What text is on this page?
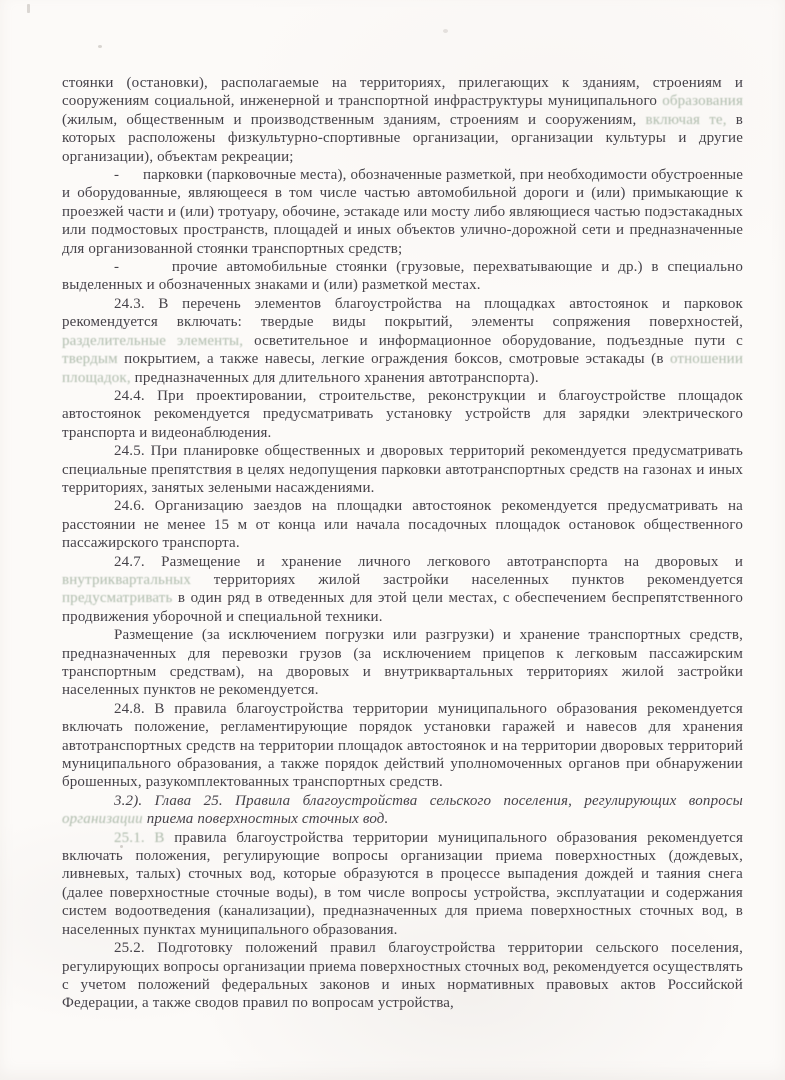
стоянки (остановки), располагаемые на территориях, прилегающих к зданиям, строениям и сооружениям социальной, инженерной и транспортной инфраструктуры муниципального образования (жилым, общественным и производственным зданиям, строениям и сооружениям, включая те, в которых расположены физкультурно-спортивные организации, организации культуры и другие организации), объектам рекреации;

-      парковки (парковочные места), обозначенные разметкой, при необходимости обустроенные и оборудованные, являющееся в том числе частью автомобильной дороги и (или) примыкающие к проезжей части и (или) тротуару, обочине, эстакаде или мосту либо являющиеся частью подэстакадных или подмостовых пространств, площадей и иных объектов улично-дорожной сети и предназначенные для организованной стоянки транспортных средств;

-      прочие автомобильные стоянки (грузовые, перехватывающие и др.) в специально выделенных и обозначенных знаками и (или) разметкой местах.

24.3. В перечень элементов благоустройства на площадках автостоянок и парковок рекомендуется включать: твердые виды покрытий, элементы сопряжения поверхностей, разделительные элементы, осветительное и информационное оборудование, подъездные пути с твердым покрытием, а также навесы, легкие ограждения боксов, смотровые эстакады (в отношении площадок, предназначенных для длительного хранения автотранспорта).

24.4. При проектировании, строительстве, реконструкции и благоустройстве площадок автостоянок рекомендуется предусматривать установку устройств для зарядки электрического транспорта и видеонаблюдения.

24.5. При планировке общественных и дворовых территорий рекомендуется предусматривать специальные препятствия в целях недопущения парковки автотранспортных средств на газонах и иных территориях, занятых зелеными насаждениями.

24.6. Организацию заездов на площадки автостоянок рекомендуется предусматривать на расстоянии не менее 15 м от конца или начала посадочных площадок остановок общественного пассажирского транспорта.

24.7. Размещение и хранение личного легкового автотранспорта на дворовых и внутриквартальных территориях жилой застройки населенных пунктов рекомендуется предусматривать в один ряд в отведенных для этой цели местах, с обеспечением беспрепятственного продвижения уборочной и специальной техники.

Размещение (за исключением погрузки или разгрузки) и хранение транспортных средств, предназначенных для перевозки грузов (за исключением прицепов к легковым пассажирским транспортным средствам), на дворовых и внутриквартальных территориях жилой застройки населенных пунктов не рекомендуется.

24.8. В правила благоустройства территории муниципального образования рекомендуется включать положение, регламентирующие порядок установки гаражей и навесов для хранения автотранспортных средств на территории площадок автостоянок и на территории дворовых территорий муниципального образования, а также порядок действий уполномоченных органов при обнаружении брошенных, разукомплектованных транспортных средств.

3.2). Глава 25. Правила благоустройства сельского поселения, регулирующих вопросы организации приема поверхностных сточных вод.

25.1. В правила благоустройства территории муниципального образования рекомендуется включать положения, регулирующие вопросы организации приема поверхностных (дождевых, ливневых, талых) сточных вод, которые образуются в процессе выпадения дождей и таяния снега (далее поверхностные сточные воды), в том числе вопросы устройства, эксплуатации и содержания систем водоотведения (канализации), предназначенных для приема поверхностных сточных вод, в населенных пунктах муниципального образования.

25.2. Подготовку положений правил благоустройства территории сельского поселения, регулирующих вопросы организации приема поверхностных сточных вод, рекомендуется осуществлять с учетом положений федеральных законов и иных нормативных правовых актов Российской Федерации, а также сводов правил по вопросам устройства,
